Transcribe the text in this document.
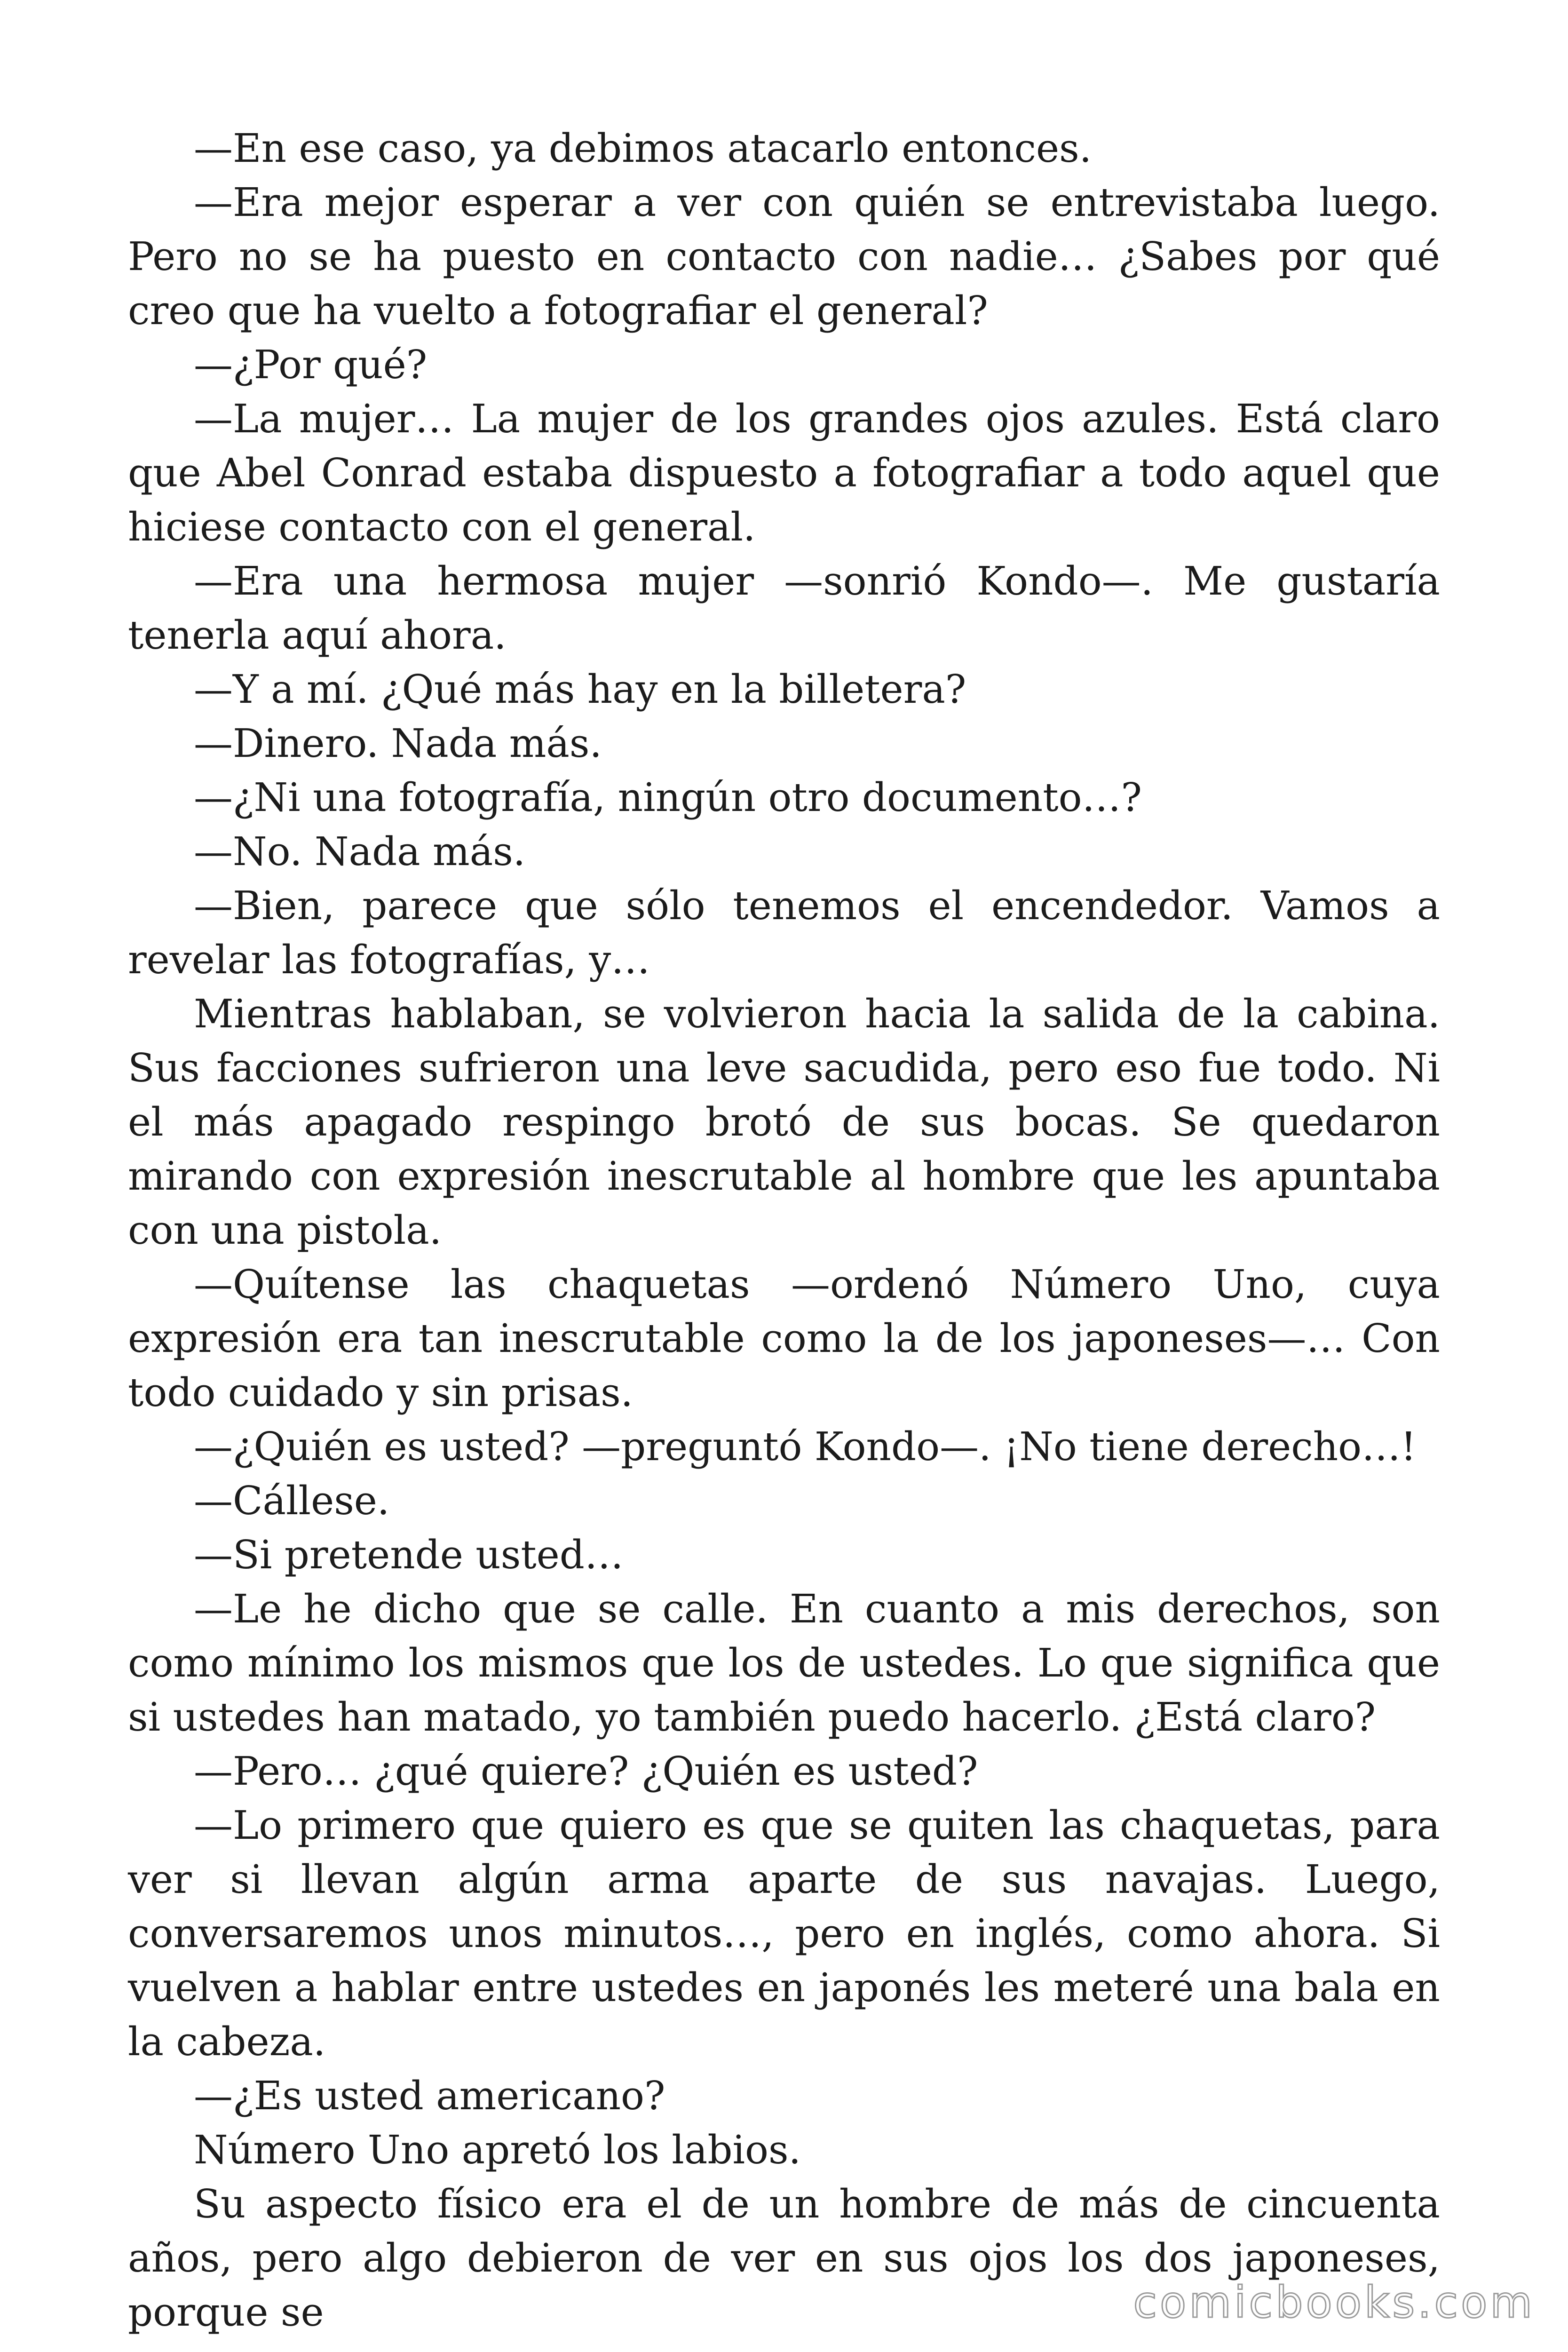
—En ese caso, ya debimos atacarlo entonces.

—Era mejor esperar a ver con quién se entrevistaba luego. Pero no se ha puesto en contacto con nadie… ¿Sabes por qué creo que ha vuelto a fotografiar el general?

—¿Por qué?

—La mujer… La mujer de los grandes ojos azules. Está claro que Abel Conrad estaba dispuesto a fotografiar a todo aquel que hiciese contacto con el general.

—Era una hermosa mujer —sonrió Kondo—. Me gustaría tenerla aquí ahora.

—Y a mí. ¿Qué más hay en la billetera?

—Dinero. Nada más.

—¿Ni una fotografía, ningún otro documento…?

—No. Nada más.

—Bien, parece que sólo tenemos el encendedor. Vamos a revelar las fotografías, y…

Mientras hablaban, se volvieron hacia la salida de la cabina. Sus facciones sufrieron una leve sacudida, pero eso fue todo. Ni el más apagado respingo brotó de sus bocas. Se quedaron mirando con expresión inescrutable al hombre que les apuntaba con una pistola.

—Quítense las chaquetas —ordenó Número Uno, cuya expresión era tan inescrutable como la de los japoneses—… Con todo cuidado y sin prisas.

—¿Quién es usted? —preguntó Kondo—. ¡No tiene derecho…!

—Cállese.

—Si pretende usted…

—Le he dicho que se calle. En cuanto a mis derechos, son como mínimo los mismos que los de ustedes. Lo que significa que si ustedes han matado, yo también puedo hacerlo. ¿Está claro?

—Pero… ¿qué quiere? ¿Quién es usted?

—Lo primero que quiero es que se quiten las chaquetas, para ver si llevan algún arma aparte de sus navajas. Luego, conversaremos unos minutos…, pero en inglés, como ahora. Si vuelven a hablar entre ustedes en japonés les meteré una bala en la cabeza.

—¿Es usted americano?

Número Uno apretó los labios.

Su aspecto físico era el de un hombre de más de cincuenta años, pero algo debieron de ver en sus ojos los dos japoneses, porque se	comicbooks.com
